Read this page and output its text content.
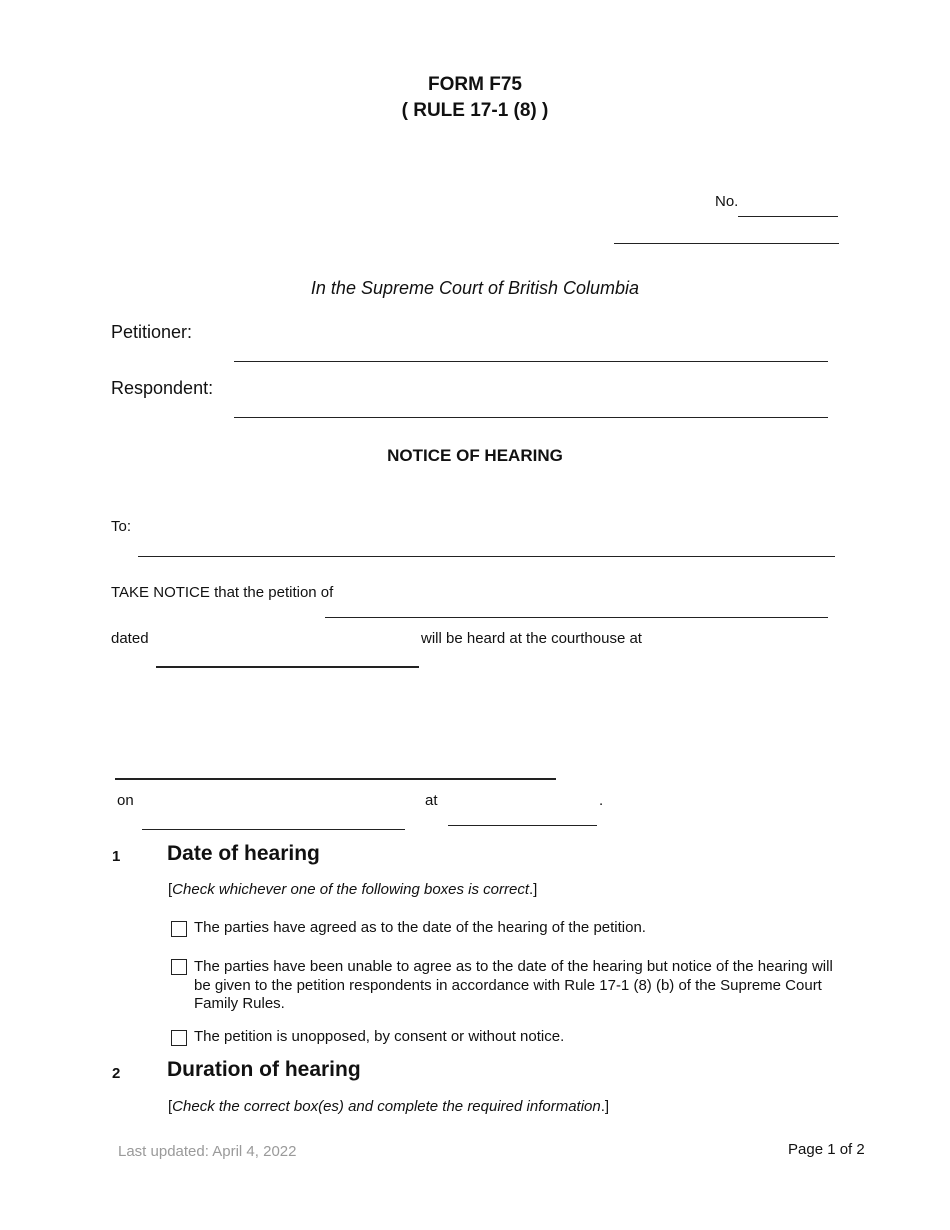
FORM F75
( RULE 17-1 (8) )
No.
In the Supreme Court of British Columbia
Petitioner:
Respondent:
NOTICE OF HEARING
To:
TAKE NOTICE that the petition of
dated	will be heard at the courthouse at
on	at	.
1 Date of hearing
[Check whichever one of the following boxes is correct.]
The parties have agreed as to the date of the hearing of the petition.
The parties have been unable to agree as to the date of the hearing but notice of the hearing will be given to the petition respondents in accordance with Rule 17-1 (8) (b) of the Supreme Court Family Rules.
The petition is unopposed, by consent or without notice.
2 Duration of hearing
[Check the correct box(es) and complete the required information.]
Last updated: April 4, 2022	Page 1 of 2
